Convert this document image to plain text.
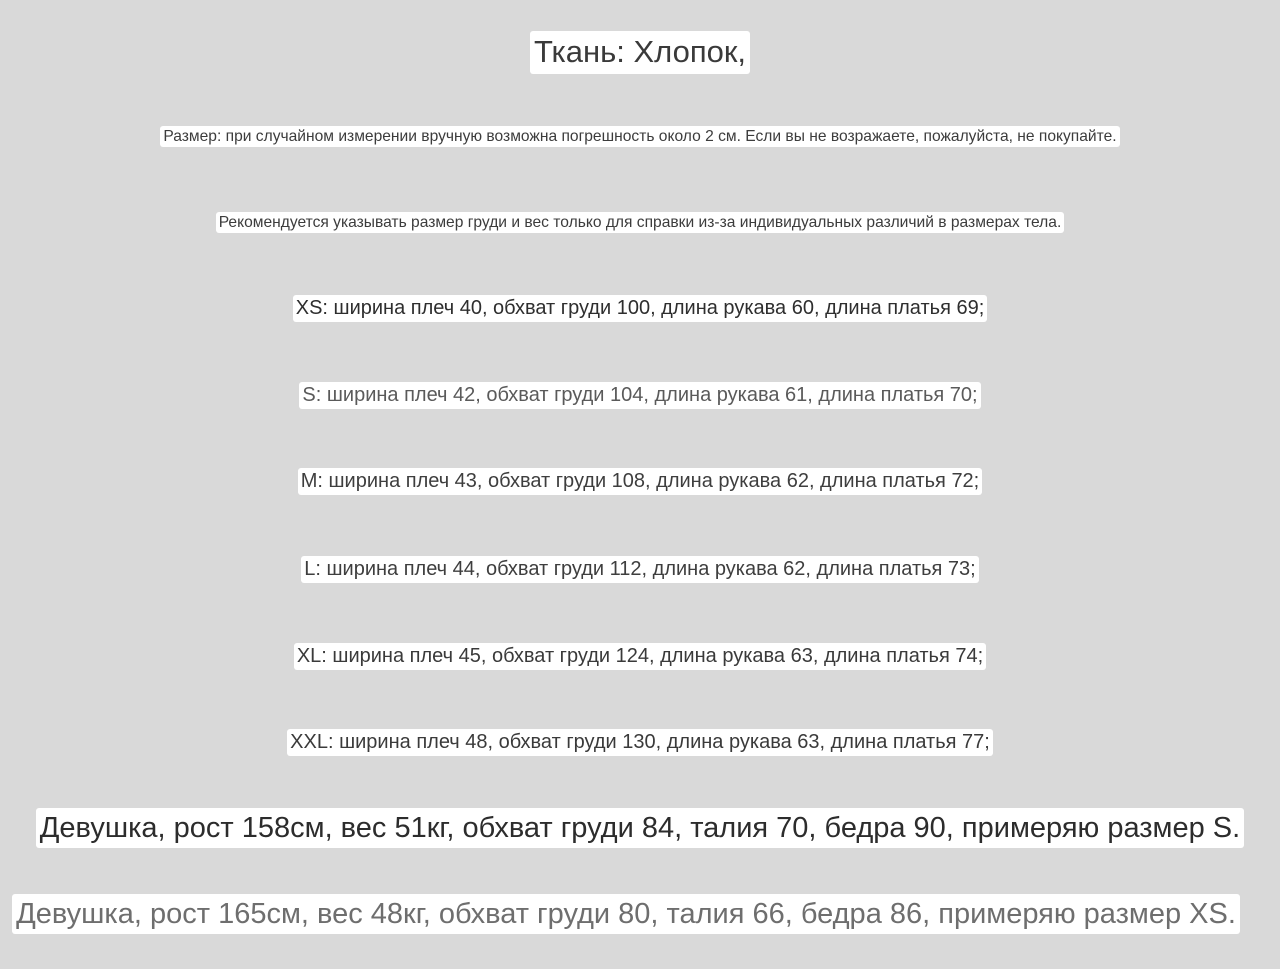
Ткань: Хлопок,
Размер: при случайном измерении вручную возможна погрешность около 2 см. Если вы не возражаете, пожалуйста, не покупайте.
Рекомендуется указывать размер груди и вес только для справки из-за индивидуальных различий в размерах тела.
XS: ширина плеч 40, обхват груди 100, длина рукава 60, длина платья 69;
S: ширина плеч 42, обхват груди 104, длина рукава 61, длина платья 70;
M: ширина плеч 43, обхват груди 108, длина рукава 62, длина платья 72;
L: ширина плеч 44, обхват груди 112, длина рукава 62, длина платья 73;
XL: ширина плеч 45, обхват груди 124, длина рукава 63, длина платья 74;
XXL: ширина плеч 48, обхват груди 130, длина рукава 63, длина платья 77;
Девушка, рост 158см, вес 51кг, обхват груди 84, талия 70, бедра 90, примеряю размер S.
Девушка, рост 165см, вес 48кг, обхват груди 80, талия 66, бедра 86, примеряю размер XS.
